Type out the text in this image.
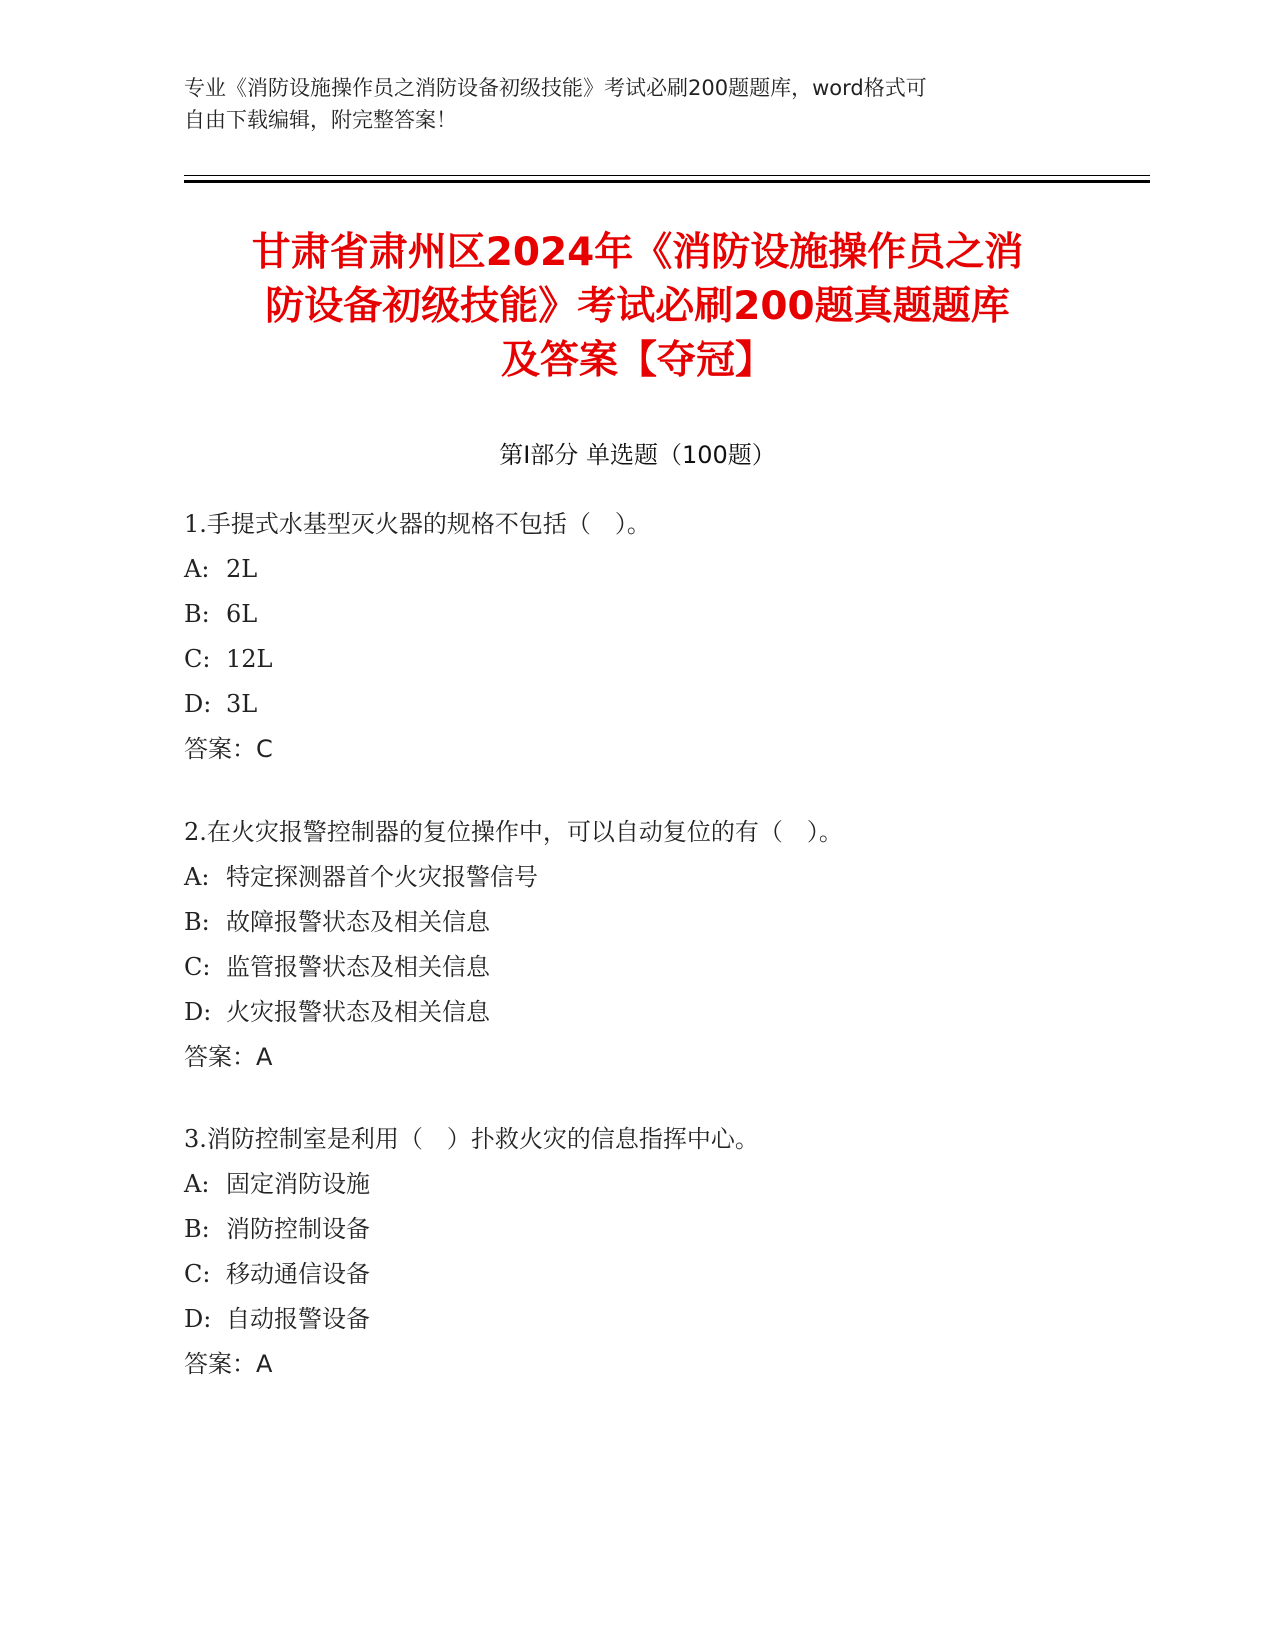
专业《消防设施操作员之消防设备初级技能》考试必刷200题题库，word格式可
自由下载编辑，附完整答案！
甘肃省肃州区2024年《消防设施操作员之消
防设备初级技能》考试必刷200题真题题库
及答案【夺冠】
第Ⅰ部分 单选题（100题）
1.手提式水基型灭火器的规格不包括（　）。
A: 2L
B: 6L
C: 12L
D: 3L
答案：C
2.在火灾报警控制器的复位操作中，可以自动复位的有（　）。
A: 特定探测器首个火灾报警信号
B: 故障报警状态及相关信息
C: 监管报警状态及相关信息
D: 火灾报警状态及相关信息
答案：A
3.消防控制室是利用（　）扑救火灾的信息指挥中心。
A: 固定消防设施
B: 消防控制设备
C: 移动通信设备
D: 自动报警设备
答案：A
